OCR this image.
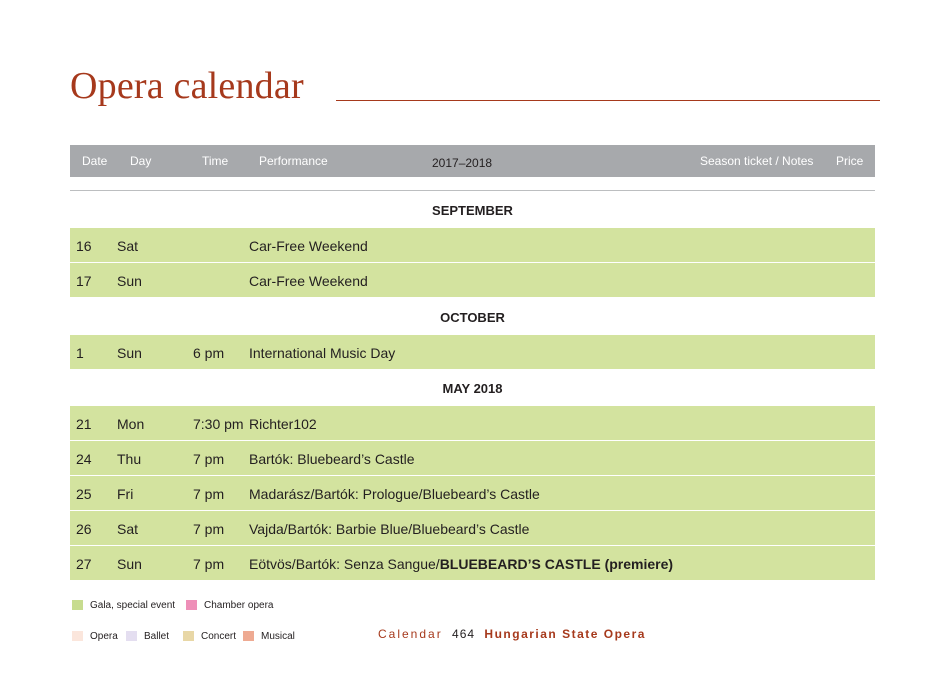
Opera calendar
Date Day	Time	Performance	2017–2018	Season ticket / Notes Price
SEPTEMBER
16 Sat	Car-Free Weekend
17 Sun	Car-Free Weekend
OCTOBER
1 Sun	6 pm International Music Day
MAY 2018
21 Mon	7:30 pm Richter102
24 Thu	7 pm Bartók: Bluebeard’s Castle
25 Fri	7 pm Madarász/Bartók: Prologue/Bluebeard’s Castle
26 Sat	7 pm Vajda/Bartók: Barbie Blue/Bluebeard’s Castle
27 Sun	7 pm Eötvös/Bartók: Senza Sangue/BLUEBEARD’S CASTLE (premiere)
Gala, special event	Chamber opera
Opera	Ballet	Concert Musical	Calendar 464 Hungarian State Opera
